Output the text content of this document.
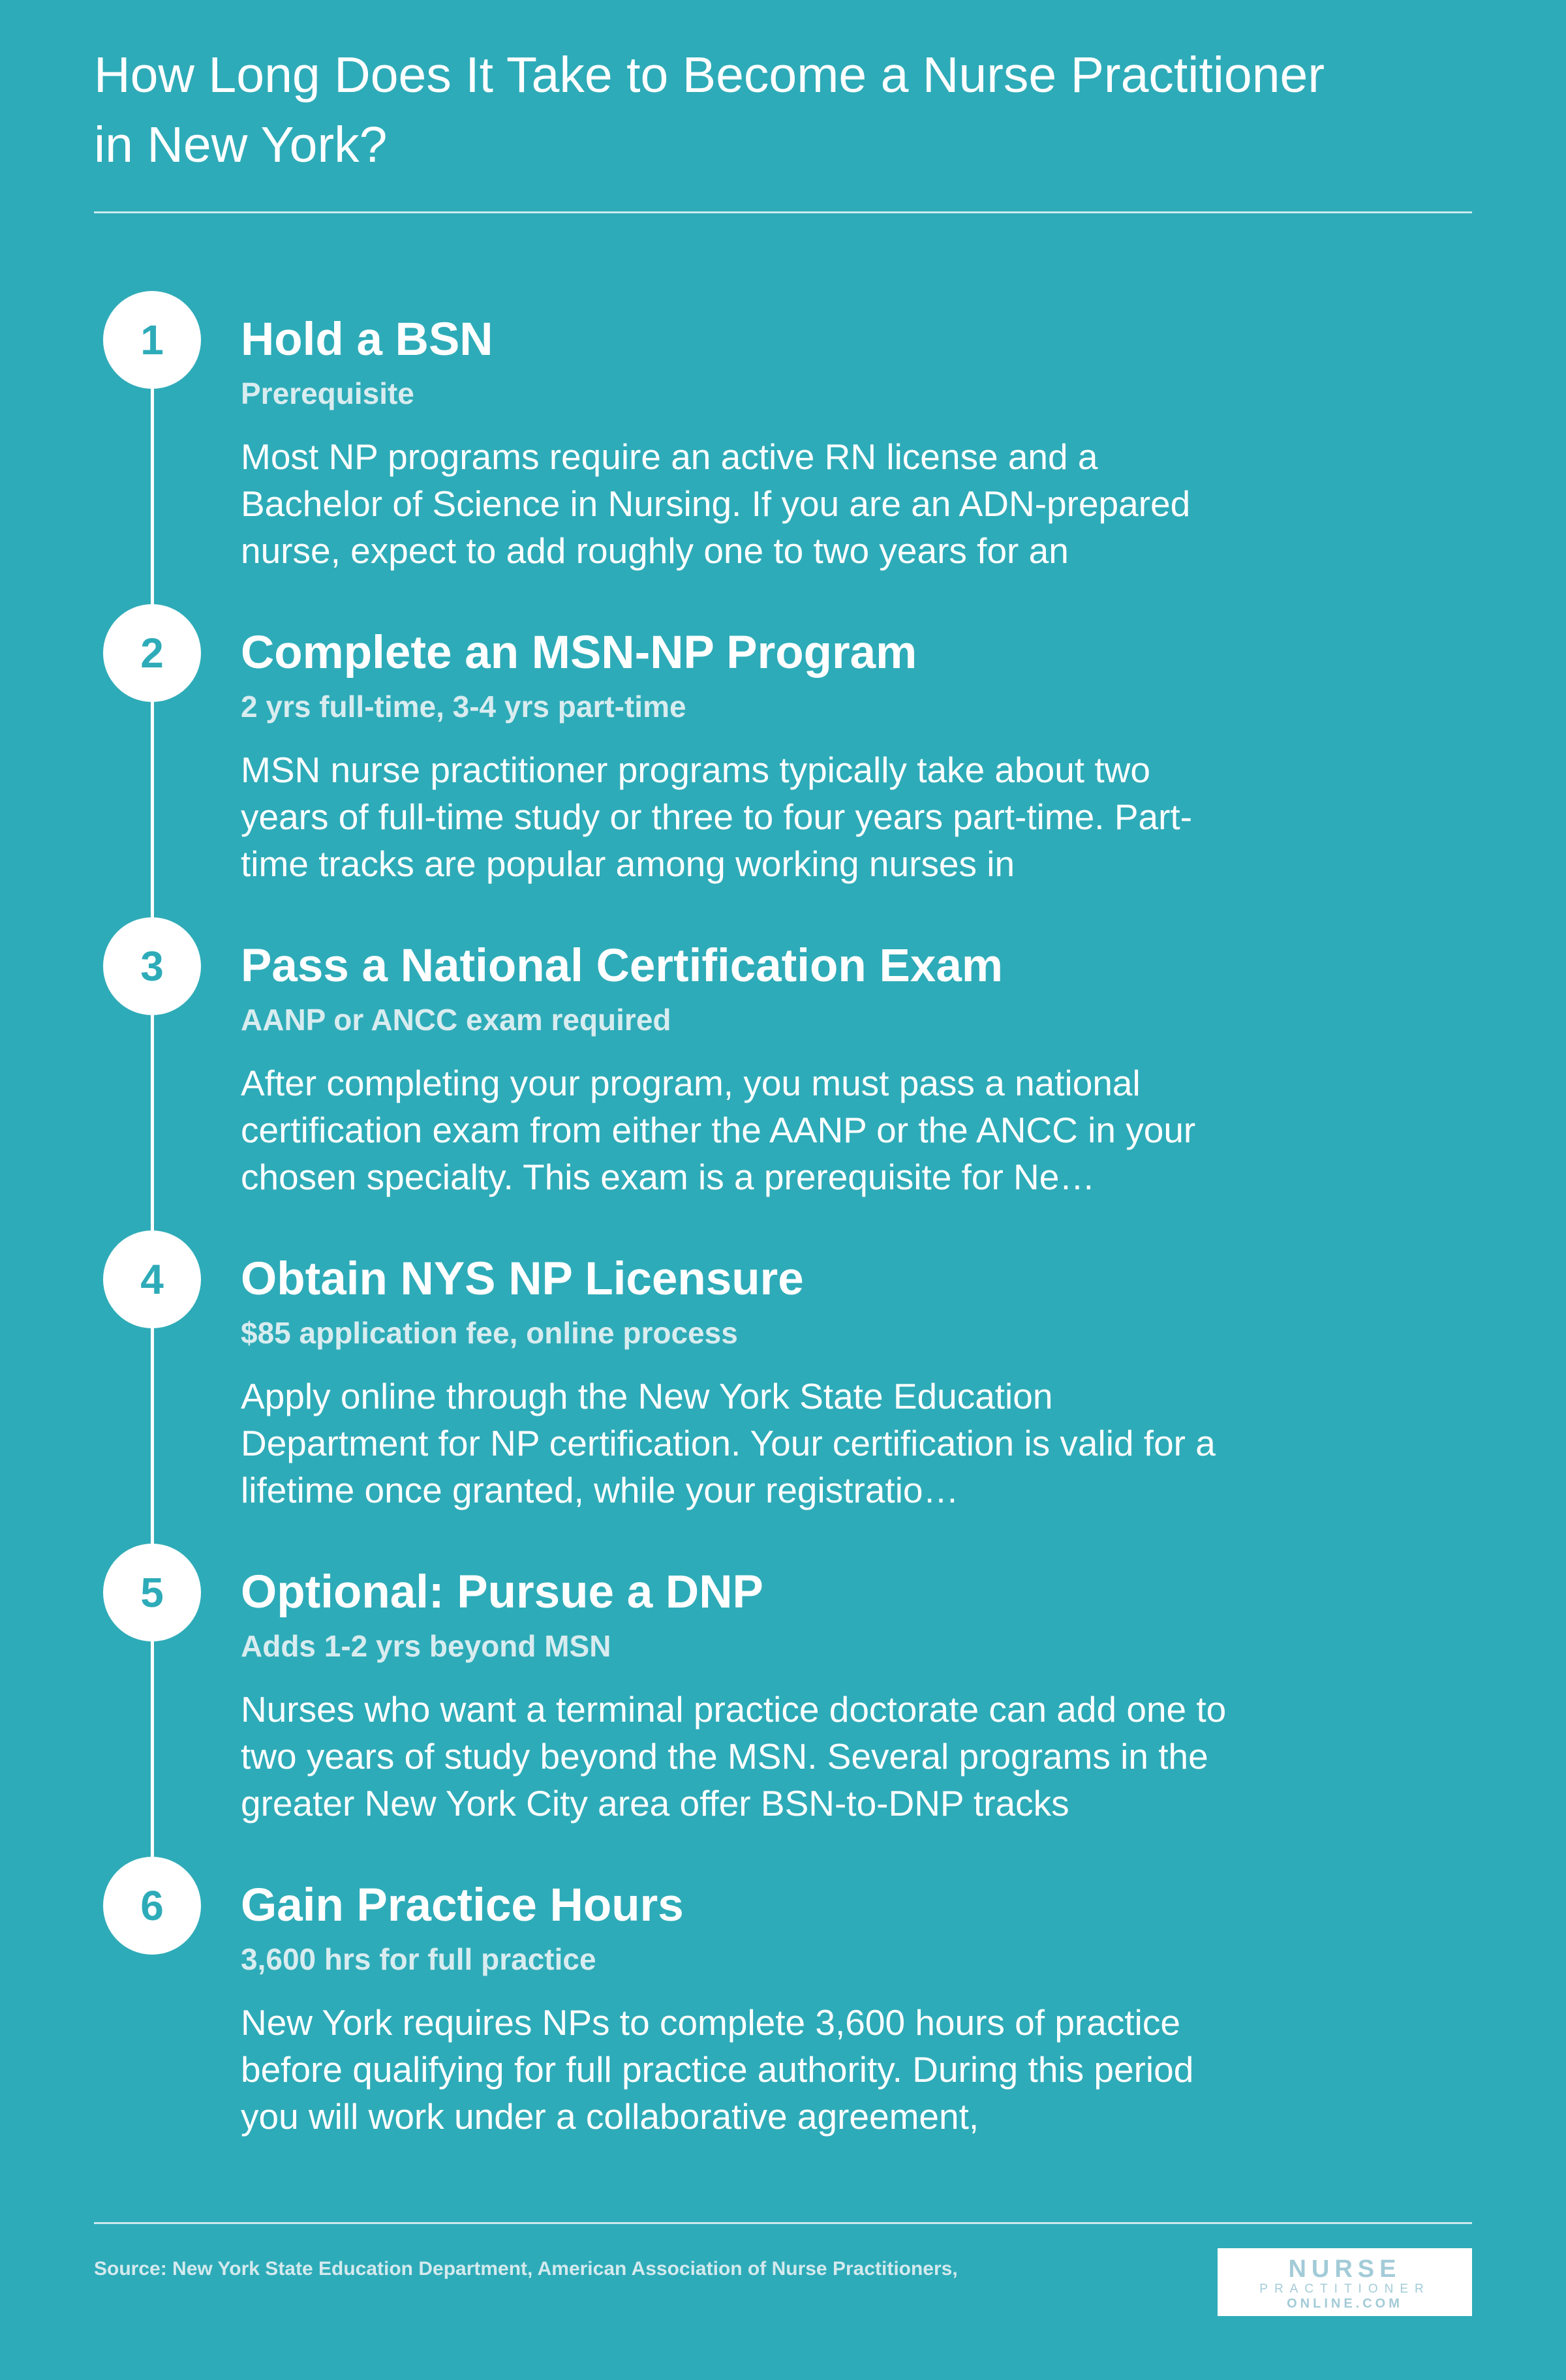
How Long Does It Take to Become a Nurse Practitioner in New York?
1	Hold a BSN
Prerequisite
Most NP programs require an active RN license and a Bachelor of Science in Nursing. If you are an ADN-prepared nurse, expect to add roughly one to two years for an
2	Complete an MSN-NP Program
2 yrs full-time, 3-4 yrs part-time
MSN nurse practitioner programs typically take about two years of full-time study or three to four years part-time. Part-time tracks are popular among working nurses in
3	Pass a National Certification Exam
AANP or ANCC exam required
After completing your program, you must pass a national certification exam from either the AANP or the ANCC in your chosen specialty. This exam is a prerequisite for Ne…
4	Obtain NYS NP Licensure
$85 application fee, online process
Apply online through the New York State Education Department for NP certification. Your certification is valid for a lifetime once granted, while your registratio…
5	Optional: Pursue a DNP
Adds 1-2 yrs beyond MSN
Nurses who want a terminal practice doctorate can add one to two years of study beyond the MSN. Several programs in the greater New York City area offer BSN-to-DNP tracks
6	Gain Practice Hours
3,600 hrs for full practice
New York requires NPs to complete 3,600 hours of practice before qualifying for full practice authority. During this period you will work under a collaborative agreement,
Source: New York State Education Department, American Association of Nurse Practitioners,	NURSE
PRACTITIONER
ONLINE.COM
